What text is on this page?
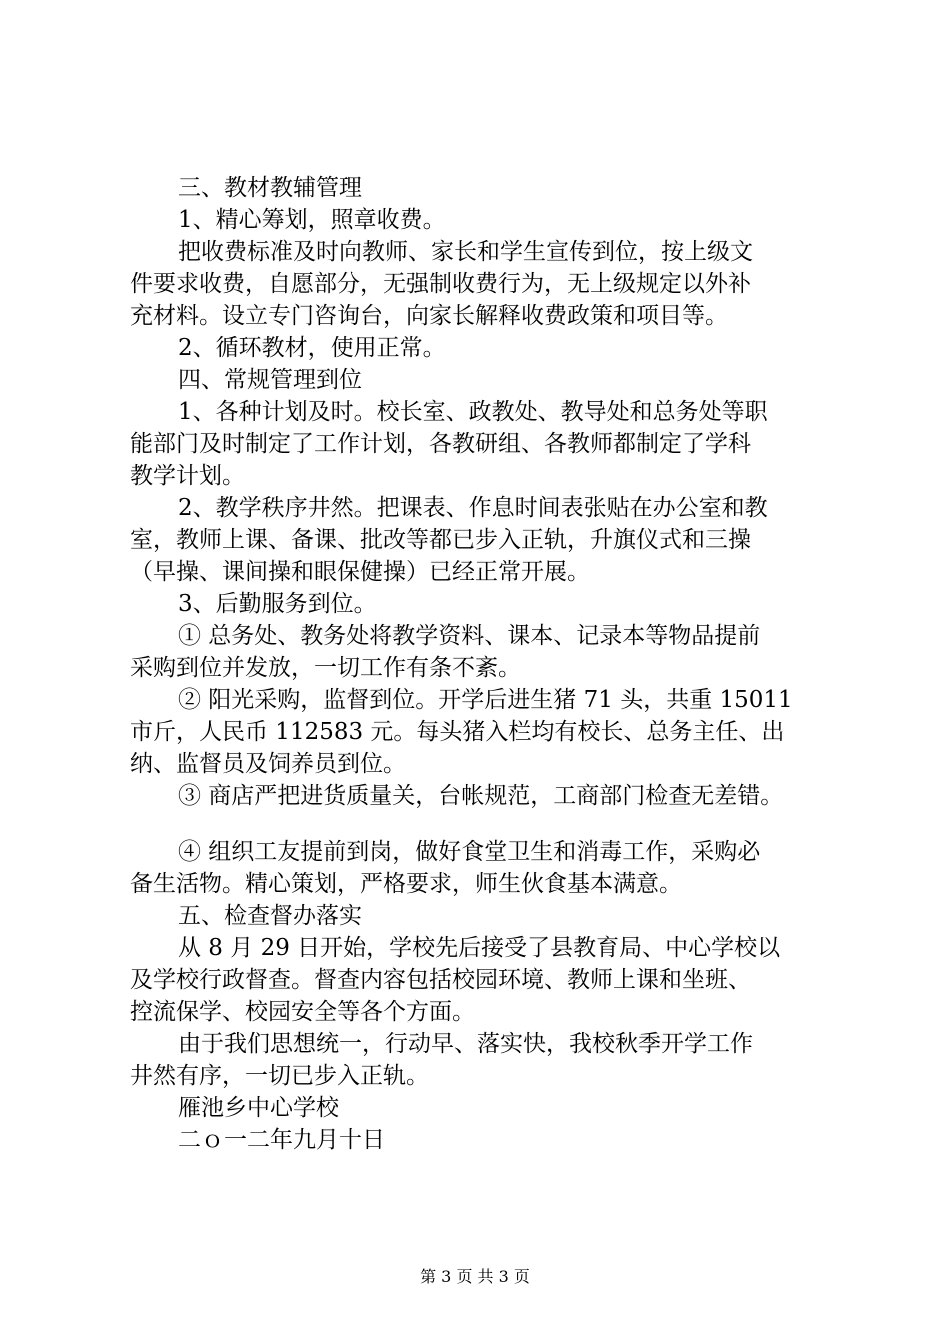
三、教材教辅管理
1、精心筹划，照章收费。
把收费标准及时向教师、家长和学生宣传到位，按上级文
件要求收费，自愿部分，无强制收费行为，无上级规定以外补
充材料。设立专门咨询台，向家长解释收费政策和项目等。
2、循环教材，使用正常。
四、常规管理到位
1、各种计划及时。校长室、政教处、教导处和总务处等职
能部门及时制定了工作计划，各教研组、各教师都制定了学科
教学计划。
2、教学秩序井然。把课表、作息时间表张贴在办公室和教
室，教师上课、备课、批改等都已步入正轨，升旗仪式和三操
（早操、课间操和眼保健操）已经正常开展。
3、后勤服务到位。
① 总务处、教务处将教学资料、课本、记录本等物品提前
采购到位并发放，一切工作有条不紊。
② 阳光采购，监督到位。开学后进生猪 71 头，共重 15011
市斤，人民币 112583 元。每头猪入栏均有校长、总务主任、出
纳、监督员及饲养员到位。
③ 商店严把进货质量关，台帐规范，工商部门检查无差错。
④ 组织工友提前到岗，做好食堂卫生和消毒工作，采购必
备生活物。精心策划，严格要求，师生伙食基本满意。
五、检查督办落实
从 8 月 29 日开始，学校先后接受了县教育局、中心学校以
及学校行政督查。督查内容包括校园环境、教师上课和坐班、
控流保学、校园安全等各个方面。
由于我们思想统一，行动早、落实快，我校秋季开学工作
井然有序，一切已步入正轨。
雁池乡中心学校
二ｏ一二年九月十日
第 3 页 共 3 页
